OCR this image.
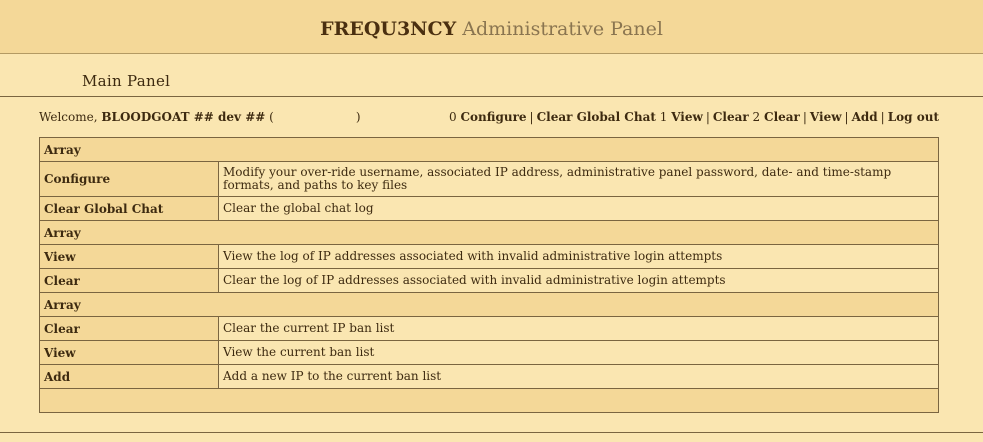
FREQU3NCY Administrative Panel
Main Panel
Welcome, BLOODGOAT ## dev ## (	)	0 Configure | Clear Global Chat 1 View | Clear 2 Clear | View | Add | Log out
Array	
Configure	Modify your over-ride username, associated IP address, administrative panel password, date- and time-stamp formats, and paths to key files
Clear Global Chat	Clear the global chat log
Array	
View	View the log of IP addresses associated with invalid administrative login attempts
Clear	Clear the log of IP addresses associated with invalid administrative login attempts
Array	
Clear	Clear the current IP ban list
View	View the current ban list
Add	Add a new IP to the current ban list
